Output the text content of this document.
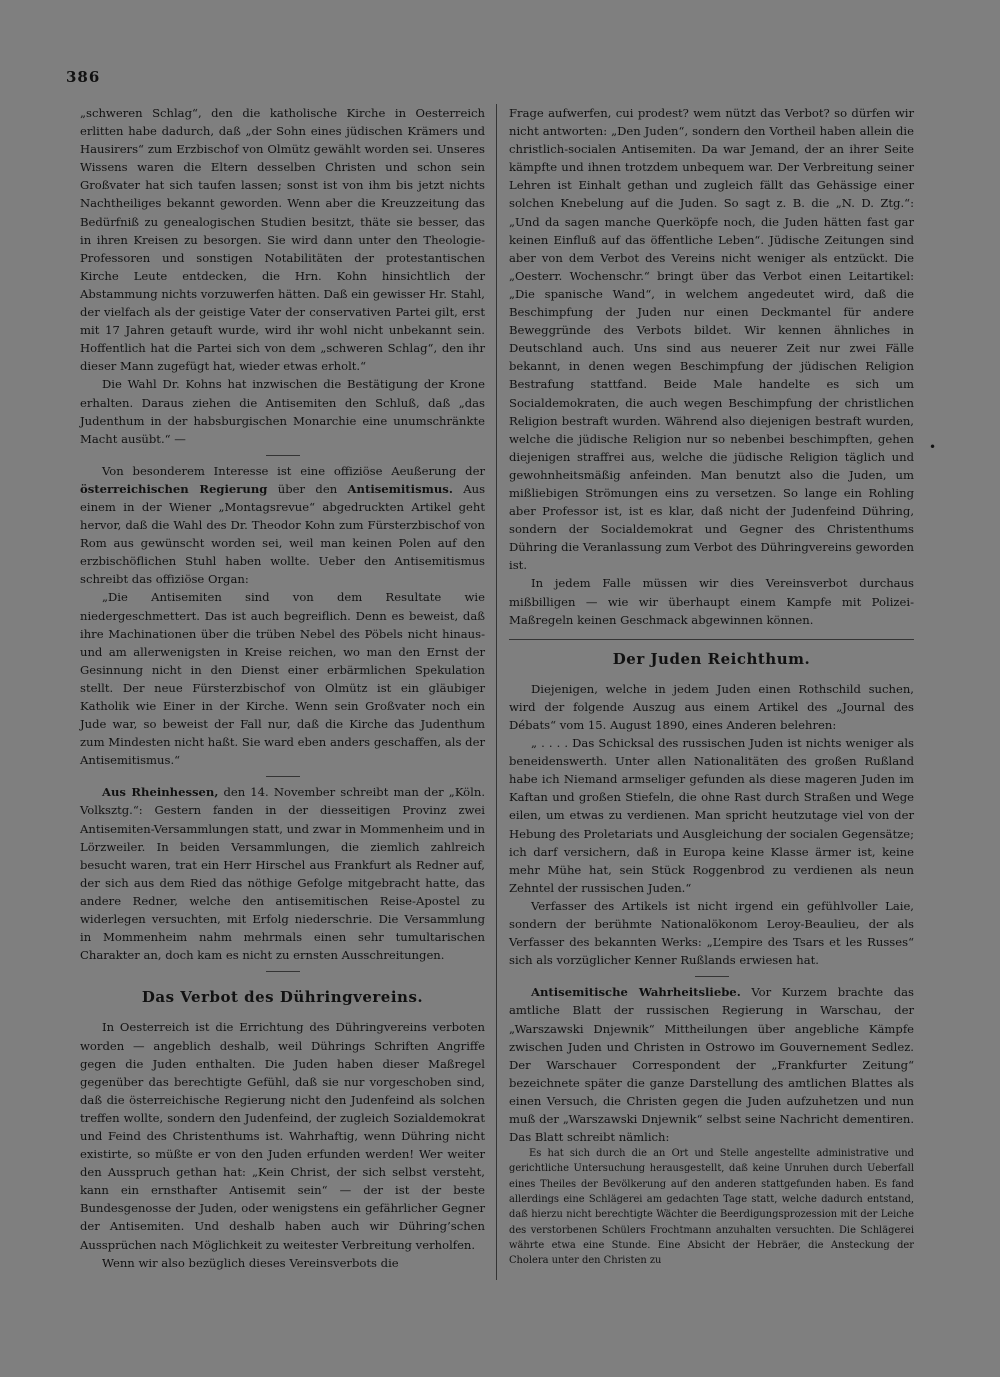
386

„schweren Schlag“, den die katholische Kirche in Oesterreich erlitten habe dadurch, daß „der Sohn eines jüdischen Krämers und Hausirers“ zum Erzbischof von Olmütz gewählt worden sei. Unseres Wissens waren die Eltern desselben Christen und schon sein Großvater hat sich taufen lassen; sonst ist von ihm bis jetzt nichts Nachtheiliges bekannt geworden. Wenn aber die Kreuzzeitung das Bedürfniß zu genealogischen Studien besitzt, thäte sie besser, das in ihren Kreisen zu besorgen. Sie wird dann unter den Theologie-Professoren und sonstigen Notabilitäten der protestantischen Kirche Leute entdecken, die Hrn. Kohn hinsichtlich der Abstammung nichts vorzuwerfen hätten. Daß ein gewisser Hr. Stahl, der vielfach als der geistige Vater der conservativen Partei gilt, erst mit 17 Jahren getauft wurde, wird ihr wohl nicht unbekannt sein. Hoffentlich hat die Partei sich von dem „schweren Schlag“, den ihr dieser Mann zugefügt hat, wieder etwas erholt.“

Die Wahl Dr. Kohns hat inzwischen die Bestätigung der Krone erhalten. Daraus ziehen die Antisemiten den Schluß, daß „das Judenthum in der habsburgischen Monarchie eine unumschränkte Macht ausübt.“ —

Von besonderem Interesse ist eine offiziöse Aeußerung der österreichischen Regierung über den Antisemitismus. Aus einem in der Wiener „Montagsrevue“ abgedruckten Artikel geht hervor, daß die Wahl des Dr. Theodor Kohn zum Fürsterzbischof von Rom aus gewünscht worden sei, weil man keinen Polen auf den erzbischöflichen Stuhl haben wollte. Ueber den Antisemitismus schreibt das offiziöse Organ:

„Die Antisemiten sind von dem Resultate wie niedergeschmettert. Das ist auch begreiflich. Denn es beweist, daß ihre Machinationen über die trüben Nebel des Pöbels nicht hinaus- und am allerwenigsten in Kreise reichen, wo man den Ernst der Gesinnung nicht in den Dienst einer erbärmlichen Spekulation stellt. Der neue Fürsterzbischof von Olmütz ist ein gläubiger Katholik wie Einer in der Kirche. Wenn sein Großvater noch ein Jude war, so beweist der Fall nur, daß die Kirche das Judenthum zum Mindesten nicht haßt. Sie ward eben anders geschaffen, als der Antisemitismus.“

Aus Rheinhessen, den 14. November schreibt man der „Köln. Volksztg.“: Gestern fanden in der diesseitigen Provinz zwei Antisemiten-Versammlungen statt, und zwar in Mommenheim und in Lörzweiler. In beiden Versammlungen, die ziemlich zahlreich besucht waren, trat ein Herr Hirschel aus Frankfurt als Redner auf, der sich aus dem Ried das nöthige Gefolge mitgebracht hatte, das andere Redner, welche den antisemitischen Reise-Apostel zu widerlegen versuchten, mit Erfolg niederschrie. Die Versammlung in Mommenheim nahm mehrmals einen sehr tumultarischen Charakter an, doch kam es nicht zu ernsten Ausschreitungen.

Das Verbot des Dühringvereins.

In Oesterreich ist die Errichtung des Dühringvereins verboten worden — angeblich deshalb, weil Dührings Schriften Angriffe gegen die Juden enthalten. Die Juden haben dieser Maßregel gegenüber das berechtigte Gefühl, daß sie nur vorgeschoben sind, daß die österreichische Regierung nicht den Judenfeind als solchen treffen wollte, sondern den Judenfeind, der zugleich Sozialdemokrat und Feind des Christenthums ist. Wahrhaftig, wenn Dühring nicht existirte, so müßte er von den Juden erfunden werden! Wer weiter den Ausspruch gethan hat: „Kein Christ, der sich selbst versteht, kann ein ernsthafter Antisemit sein“ — der ist der beste Bundesgenosse der Juden, oder wenigstens ein gefährlicher Gegner der Antisemiten. Und deshalb haben auch wir Dühring’schen Aussprüchen nach Möglichkeit zu weitester Verbreitung verholfen.

Wenn wir also bezüglich dieses Vereinsverbots die

Frage aufwerfen, cui prodest? wem nützt das Verbot? so dürfen wir nicht antworten: „Den Juden“, sondern den Vortheil haben allein die christlich-socialen Antisemiten. Da war Jemand, der an ihrer Seite kämpfte und ihnen trotzdem unbequem war. Der Verbreitung seiner Lehren ist Einhalt gethan und zugleich fällt das Gehässige einer solchen Knebelung auf die Juden. So sagt z. B. die „N. D. Ztg.“: „Und da sagen manche Querköpfe noch, die Juden hätten fast gar keinen Einfluß auf das öffentliche Leben“. Jüdische Zeitungen sind aber von dem Verbot des Vereins nicht weniger als entzückt. Die „Oesterr. Wochenschr.“ bringt über das Verbot einen Leitartikel: „Die spanische Wand“, in welchem angedeutet wird, daß die Beschimpfung der Juden nur einen Deckmantel für andere Beweggründe des Verbots bildet. Wir kennen ähnliches in Deutschland auch. Uns sind aus neuerer Zeit nur zwei Fälle bekannt, in denen wegen Beschimpfung der jüdischen Religion Bestrafung stattfand. Beide Male handelte es sich um Socialdemokraten, die auch wegen Beschimpfung der christlichen Religion bestraft wurden. Während also diejenigen bestraft wurden, welche die jüdische Religion nur so nebenbei beschimpften, gehen diejenigen straffrei aus, welche die jüdische Religion täglich und gewohnheitsmäßig anfeinden. Man benutzt also die Juden, um mißliebigen Strömungen eins zu versetzen. So lange ein Rohling aber Professor ist, ist es klar, daß nicht der Judenfeind Dühring, sondern der Socialdemokrat und Gegner des Christenthums Dühring die Veranlassung zum Verbot des Dühringvereins geworden ist.

In jedem Falle müssen wir dies Vereinsverbot durchaus mißbilligen — wie wir überhaupt einem Kampfe mit Polizei-Maßregeln keinen Geschmack abgewinnen können.

Der Juden Reichthum.

Diejenigen, welche in jedem Juden einen Rothschild suchen, wird der folgende Auszug aus einem Artikel des „Journal des Débats“ vom 15. August 1890, eines Anderen belehren:

„ . . . . Das Schicksal des russischen Juden ist nichts weniger als beneidenswerth. Unter allen Nationalitäten des großen Rußland habe ich Niemand armseliger gefunden als diese mageren Juden im Kaftan und großen Stiefeln, die ohne Rast durch Straßen und Wege eilen, um etwas zu verdienen. Man spricht heutzutage viel von der Hebung des Proletariats und Ausgleichung der socialen Gegensätze; ich darf versichern, daß in Europa keine Klasse ärmer ist, keine mehr Mühe hat, sein Stück Roggenbrod zu verdienen als neun Zehntel der russischen Juden.“

Verfasser des Artikels ist nicht irgend ein gefühlvoller Laie, sondern der berühmte Nationalökonom Leroy-Beaulieu, der als Verfasser des bekannten Werks: „L’empire des Tsars et les Russes“ sich als vorzüglicher Kenner Rußlands erwiesen hat.

Antisemitische Wahrheitsliebe. Vor Kurzem brachte das amtliche Blatt der russischen Regierung in Warschau, der „Warszawski Dnjewnik“ Mittheilungen über angebliche Kämpfe zwischen Juden und Christen in Ostrowo im Gouvernement Sedlez. Der Warschauer Correspondent der „Frankfurter Zeitung“ bezeichnete später die ganze Darstellung des amtlichen Blattes als einen Versuch, die Christen gegen die Juden aufzuhetzen und nun muß der „Warszawski Dnjewnik“ selbst seine Nachricht dementiren. Das Blatt schreibt nämlich:

Es hat sich durch die an Ort und Stelle angestellte administrative und gerichtliche Untersuchung herausgestellt, daß keine Unruhen durch Ueberfall eines Theiles der Bevölkerung auf den anderen stattgefunden haben. Es fand allerdings eine Schlägerei am gedachten Tage statt, welche dadurch entstand, daß hierzu nicht berechtigte Wächter die Beerdigungsprozession mit der Leiche des verstorbenen Schülers Frochtmann anzuhalten versuchten. Die Schlägerei währte etwa eine Stunde. Eine Absicht der Hebräer, die Ansteckung der Cholera unter den Christen zu

•
